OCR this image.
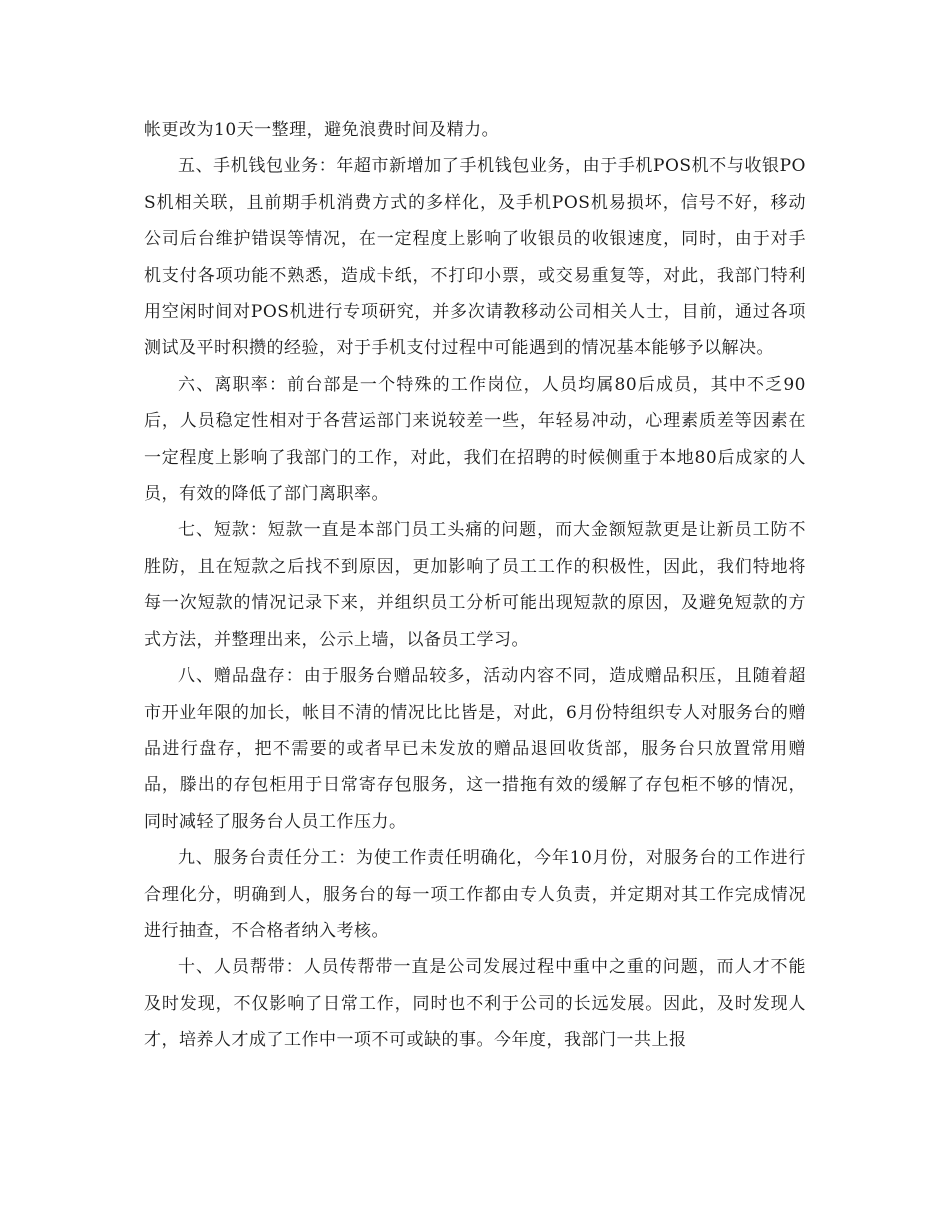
帐更改为10天一整理，避免浪费时间及精力。

五、手机钱包业务：年超市新增加了手机钱包业务，由于手机POS机不与收银POS机相关联，且前期手机消费方式的多样化，及手机POS机易损坏，信号不好，移动公司后台维护错误等情况，在一定程度上影响了收银员的收银速度，同时，由于对手机支付各项功能不熟悉，造成卡纸，不打印小票，或交易重复等，对此，我部门特利用空闲时间对POS机进行专项研究，并多次请教移动公司相关人士，目前，通过各项测试及平时积攒的经验，对于手机支付过程中可能遇到的情况基本能够予以解决。

六、离职率：前台部是一个特殊的工作岗位，人员均属80后成员，其中不乏90后，人员稳定性相对于各营运部门来说较差一些，年轻易冲动，心理素质差等因素在一定程度上影响了我部门的工作，对此，我们在招聘的时候侧重于本地80后成家的人员，有效的降低了部门离职率。

七、短款：短款一直是本部门员工头痛的问题，而大金额短款更是让新员工防不胜防，且在短款之后找不到原因，更加影响了员工工作的积极性，因此，我们特地将每一次短款的情况记录下来，并组织员工分析可能出现短款的原因，及避免短款的方式方法，并整理出来，公示上墙，以备员工学习。

八、赠品盘存：由于服务台赠品较多，活动内容不同，造成赠品积压，且随着超市开业年限的加长，帐目不清的情况比比皆是，对此，6月份特组织专人对服务台的赠品进行盘存，把不需要的或者早已未发放的赠品退回收货部，服务台只放置常用赠品，滕出的存包柜用于日常寄存包服务，这一措拖有效的缓解了存包柜不够的情况，同时减轻了服务台人员工作压力。

九、服务台责任分工：为使工作责任明确化，今年10月份，对服务台的工作进行合理化分，明确到人，服务台的每一项工作都由专人负责，并定期对其工作完成情况进行抽查，不合格者纳入考核。

十、人员帮带：人员传帮带一直是公司发展过程中重中之重的问题，而人才不能及时发现，不仅影响了日常工作，同时也不利于公司的长远发展。因此，及时发现人才，培养人才成了工作中一项不可或缺的事。今年度，我部门一共上报
